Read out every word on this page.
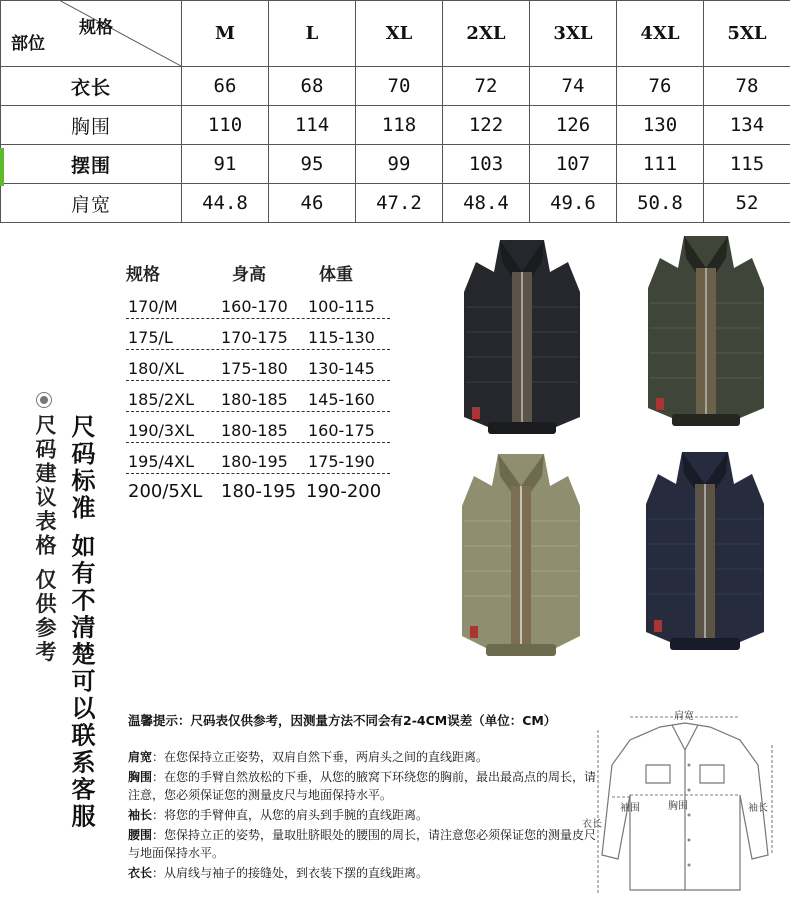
规格
部位	M	L	XL	2XL	3XL	4XL	5XL
衣长	66	68	70	72	74	76	78
胸围	110	114	118	122	126	130	134
摆围	91	95	99	103	107	111	115
肩宽	44.8	46	47.2	48.4	49.6	50.8	52
规格	身高	体重
170/M	160-170 100-115
175/L	170-175 115-130
180/XL 175-180 130-145
185/2XL 180-185 145-160
190/3XL 180-185 160-175
195/4XL 180-195 175-190
200/5XL 180-195 190-200
尺码建议表格 仅供参考 尺码标准 如有不清楚可以联系客服	温馨提示：尺码表仅供参考，因测量方法不同会有2-4CM误差（单位：CM）
肩宽：在您保持立正姿势，双肩自然下垂，两肩头之间的直线距离。
胸围：在您的手臂自然放松的下垂，从您的腋窝下环绕您的胸前，最出最高点的周长，请注意，您必须保证您的测量皮尺与地面保持水平。
袖长：将您的手臂伸直，从您的肩头到手腕的直线距离。
腰围：您保持立正的姿势，量取肚脐眼处的腰围的周长，请注意您必须保证您的测量皮尺与地面保持水平。
衣长：从肩线与袖子的接缝处，到衣装下摆的直线距离。
肩宽
袖围	胸围	袖长
衣长
